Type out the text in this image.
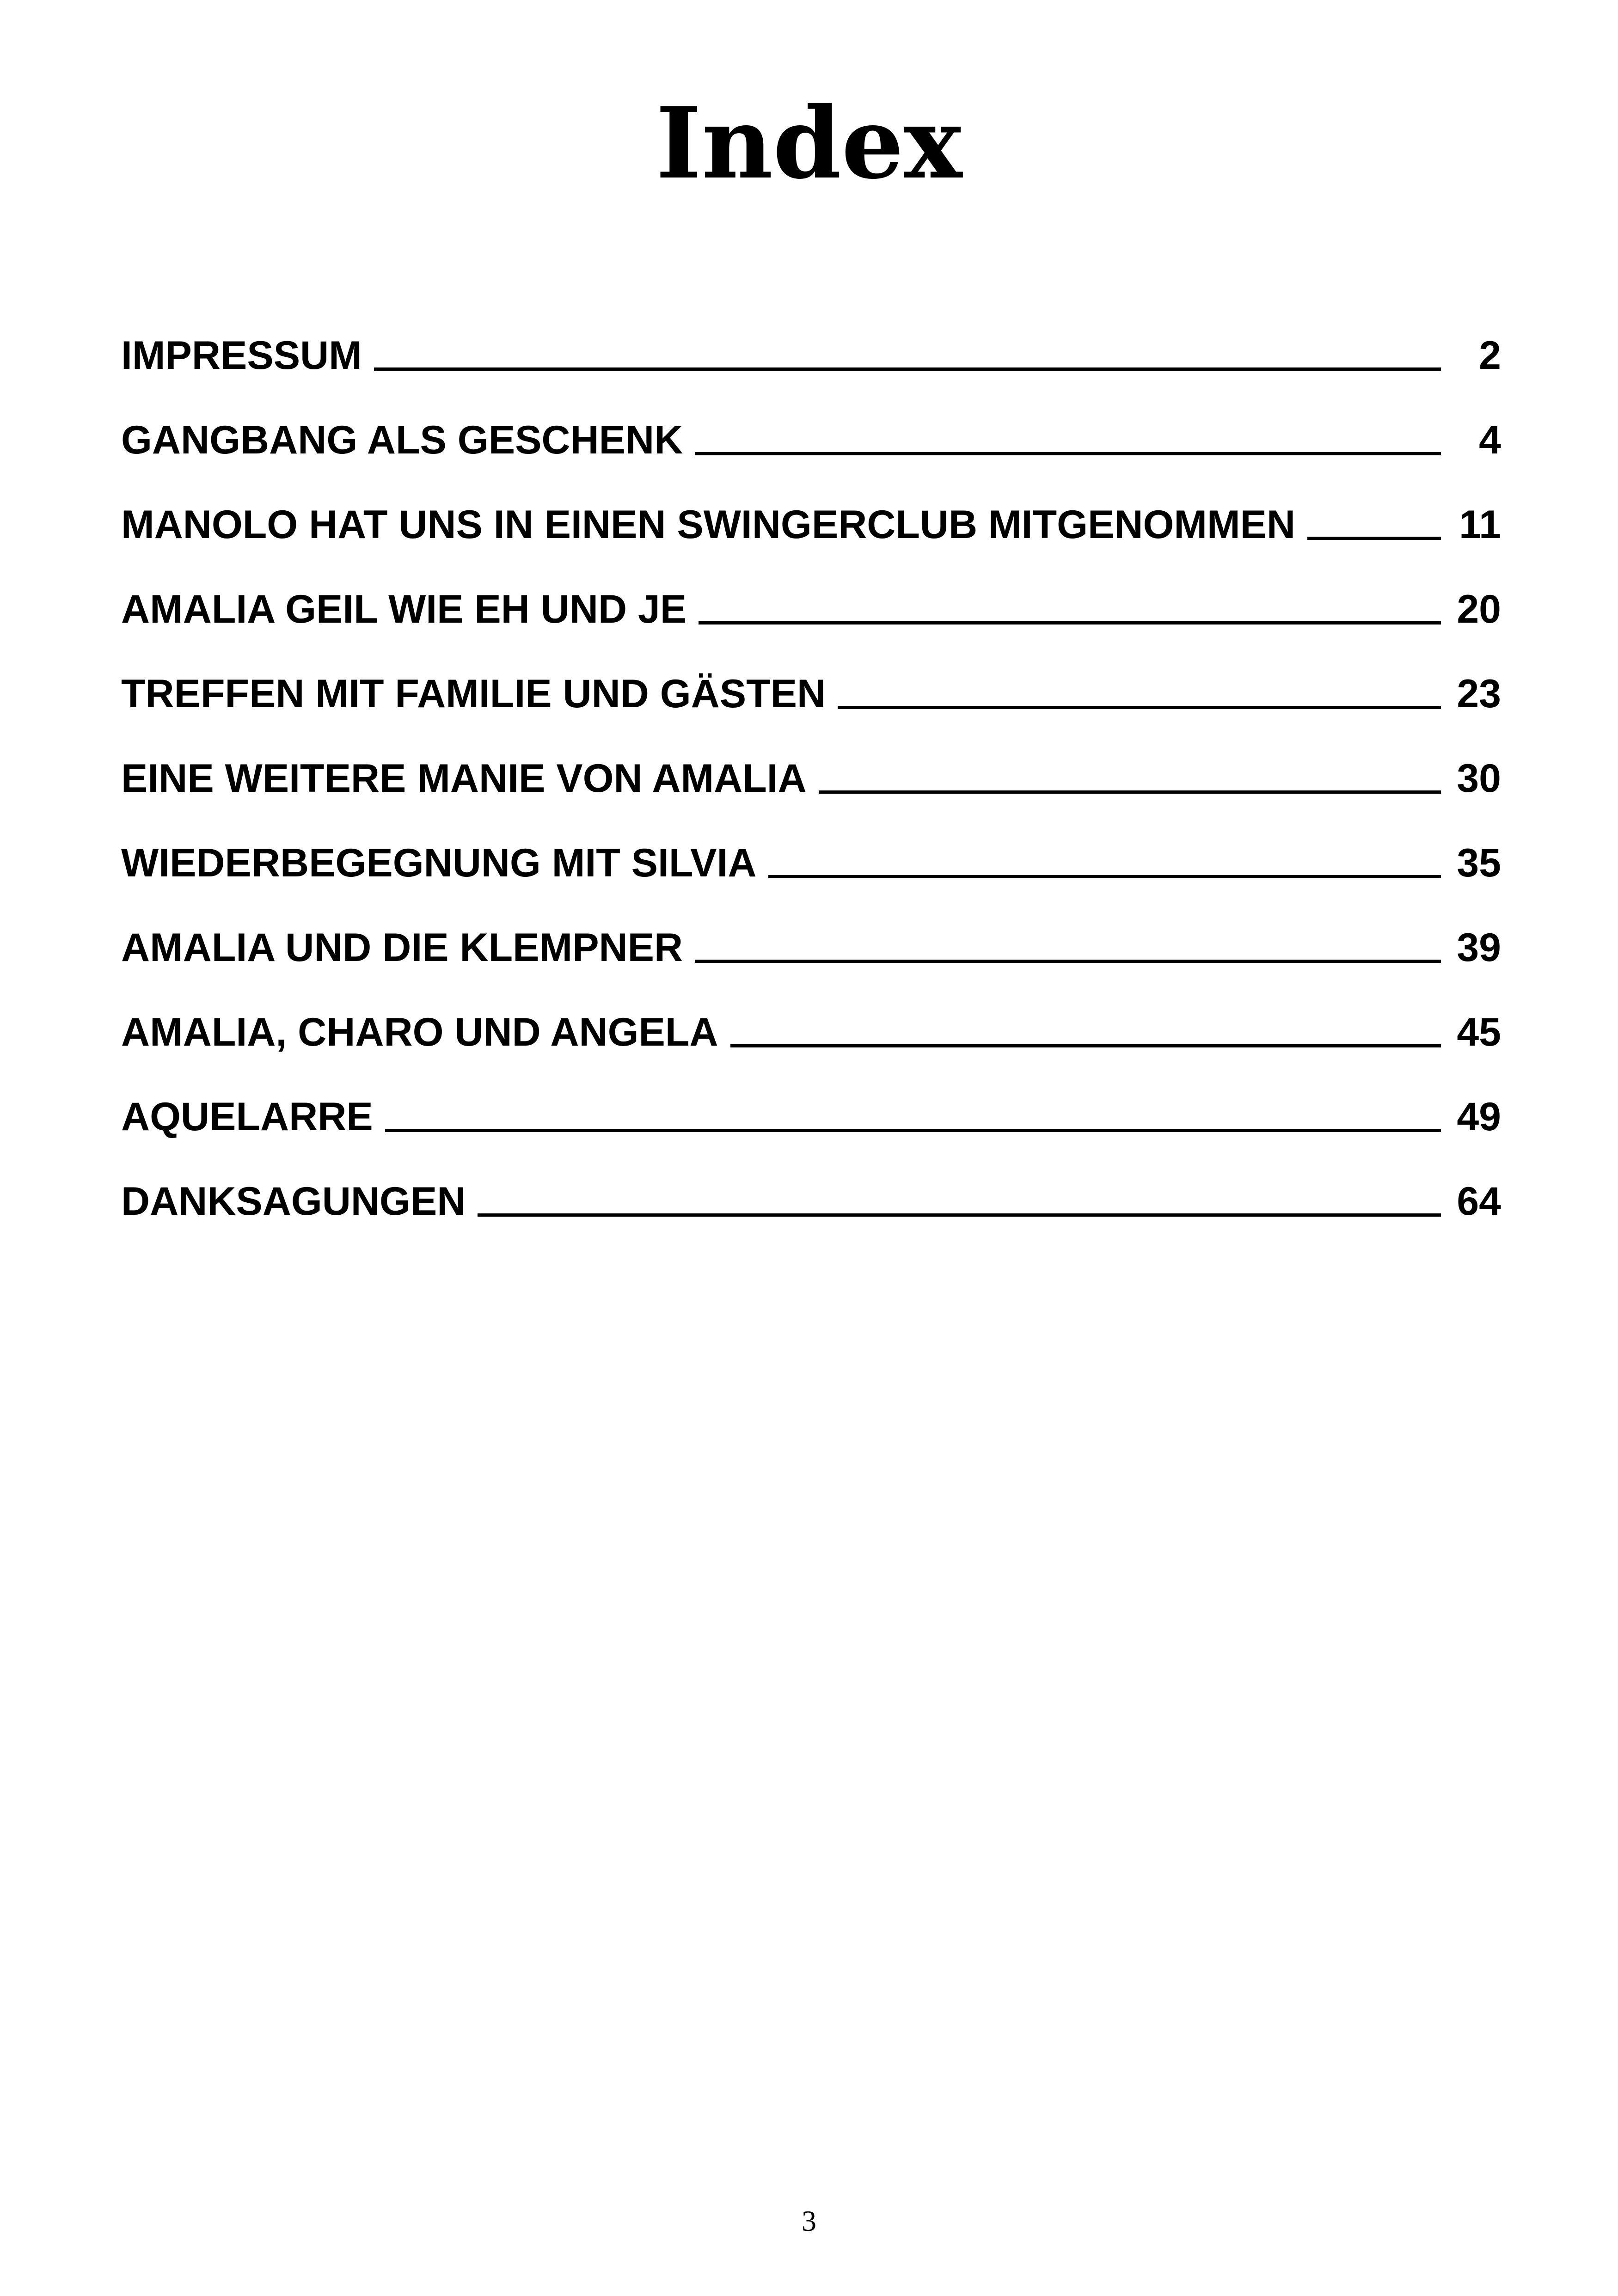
Index
IMPRESSUM	2
GANGBANG ALS GESCHENK	4
MANOLO HAT UNS IN EINEN SWINGERCLUB MITGENOMMEN	11
AMALIA GEIL WIE EH UND JE	20
TREFFEN MIT FAMILIE UND GÄSTEN	23
EINE WEITERE MANIE VON AMALIA	30
WIEDERBEGEGNUNG MIT SILVIA	35
AMALIA UND DIE KLEMPNER	39
AMALIA, CHARO UND ANGELA	45
AQUELARRE	49
DANKSAGUNGEN	64
3
